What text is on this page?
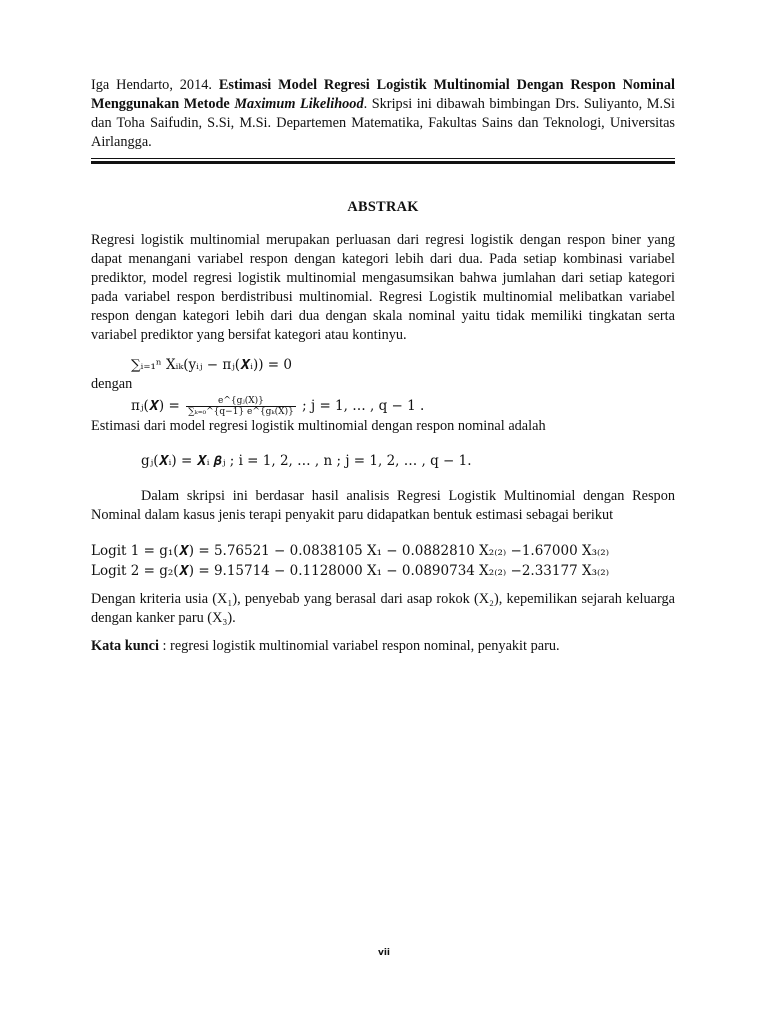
Iga Hendarto, 2014. Estimasi Model Regresi Logistik Multinomial Dengan Respon Nominal Menggunakan Metode Maximum Likelihood. Skripsi ini dibawah bimbingan Drs. Suliyanto, M.Si dan Toha Saifudin, S.Si, M.Si. Departemen Matematika, Fakultas Sains dan Teknologi, Universitas Airlangga.

ABSTRAK

Regresi logistik multinomial merupakan perluasan dari regresi logistik dengan respon biner yang dapat menangani variabel respon dengan kategori lebih dari dua. Pada setiap kombinasi variabel prediktor, model regresi logistik multinomial mengasumsikan bahwa jumlahan dari setiap kategori pada variabel respon berdistribusi multinomial. Regresi Logistik multinomial melibatkan variabel respon dengan kategori lebih dari dua dengan skala nominal yaitu tidak memiliki tingkatan serta variabel prediktor yang bersifat kategori atau kontinyu.

∑ᵢ₌₁ⁿ Xᵢₖ(yᵢⱼ − πⱼ(𝑿ᵢ)) = 0

dengan

πⱼ(𝑿) = $\frac{\text{e\textasciicircum{}\{gⱼ(X)\}}}{\text{∑ₖ₌₀\textasciicircum{}\{q−1\} e\textasciicircum{}\{gₖ(X)\}}}$ ; j = 1, … , q − 1 .

Estimasi dari model regresi logistik multinomial dengan respon nominal adalah

gⱼ(𝑿ᵢ) = 𝑿ᵢ 𝜷ⱼ ; i = 1, 2, … , n ; j = 1, 2, … , q − 1.

Dalam skripsi ini berdasar hasil analisis Regresi Logistik Multinomial dengan Respon Nominal dalam kasus jenis terapi penyakit paru didapatkan bentuk estimasi sebagai berikut

Logit 1 = g₁(𝑿) = 5.76521 − 0.0838105 X₁ − 0.0882810 X₂₍₂₎ −1.67000 X₃₍₂₎

Logit 2 = g₂(𝑿) = 9.15714 − 0.1128000 X₁ − 0.0890734 X₂₍₂₎ −2.33177 X₃₍₂₎

Dengan kriteria usia (X₁), penyebab yang berasal dari asap rokok (X₂), kepemilikan sejarah keluarga dengan kanker paru (X₃).

Kata kunci : regresi logistik multinomial variabel respon nominal, penyakit paru.

vii
